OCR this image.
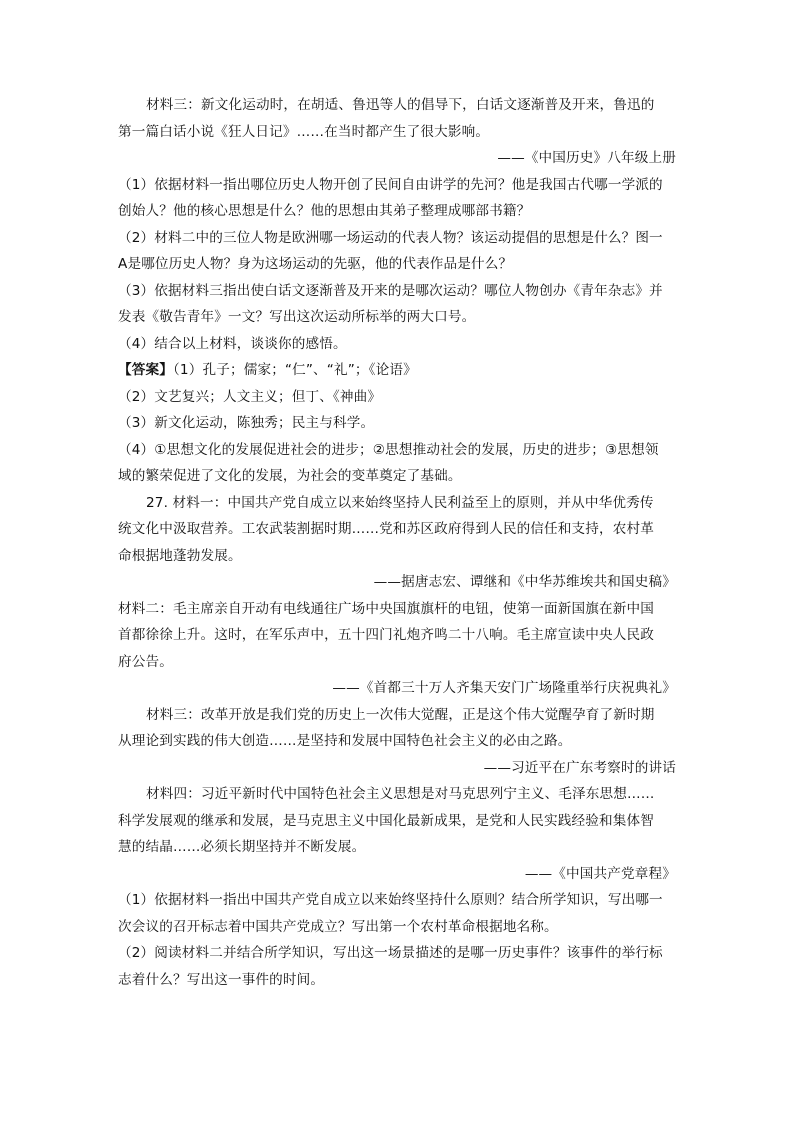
材料三：新文化运动时，在胡适、鲁迅等人的倡导下，白话文逐渐普及开来，鲁迅的
第一篇白话小说《狂人日记》……在当时都产生了很大影响。
——《中国历史》八年级上册
（1）依据材料一指出哪位历史人物开创了民间自由讲学的先河？他是我国古代哪一学派的
创始人？他的核心思想是什么？他的思想由其弟子整理成哪部书籍？
（2）材料二中的三位人物是欧洲哪一场运动的代表人物？该运动提倡的思想是什么？图一
A是哪位历史人物？身为这场运动的先驱，他的代表作品是什么？
（3）依据材料三指出使白话文逐渐普及开来的是哪次运动？哪位人物创办《青年杂志》并
发表《敬告青年》一文？写出这次运动所标举的两大口号。
（4）结合以上材料，谈谈你的感悟。
【答案】（1）孔子；儒家；“仁”、“礼”；《论语》
（2）文艺复兴；人文主义；但丁、《神曲》
（3）新文化运动，陈独秀；民主与科学。
（4）①思想文化的发展促进社会的进步；②思想推动社会的发展，历史的进步；③思想领
域的繁荣促进了文化的发展，为社会的变革奠定了基础。
27. 材料一：中国共产党自成立以来始终坚持人民利益至上的原则，并从中华优秀传
统文化中汲取营养。工农武装割据时期……党和苏区政府得到人民的信任和支持，农村革
命根据地蓬勃发展。
——据唐志宏、谭继和《中华苏维埃共和国史稿》
材料二：毛主席亲自开动有电线通往广场中央国旗旗杆的电钮，使第一面新国旗在新中国
首都徐徐上升。这时，在军乐声中，五十四门礼炮齐鸣二十八响。毛主席宣读中央人民政
府公告。
——《首都三十万人齐集天安门广场隆重举行庆祝典礼》
材料三：改革开放是我们党的历史上一次伟大觉醒，正是这个伟大觉醒孕育了新时期
从理论到实践的伟大创造……是坚持和发展中国特色社会主义的必由之路。
——习近平在广东考察时的讲话
材料四：习近平新时代中国特色社会主义思想是对马克思列宁主义、毛泽东思想……
科学发展观的继承和发展，是马克思主义中国化最新成果，是党和人民实践经验和集体智
慧的结晶……必须长期坚持并不断发展。
——《中国共产党章程》
（1）依据材料一指出中国共产党自成立以来始终坚持什么原则？结合所学知识，写出哪一
次会议的召开标志着中国共产党成立？写出第一个农村革命根据地名称。
（2）阅读材料二并结合所学知识，写出这一场景描述的是哪一历史事件？该事件的举行标
志着什么？写出这一事件的时间。
